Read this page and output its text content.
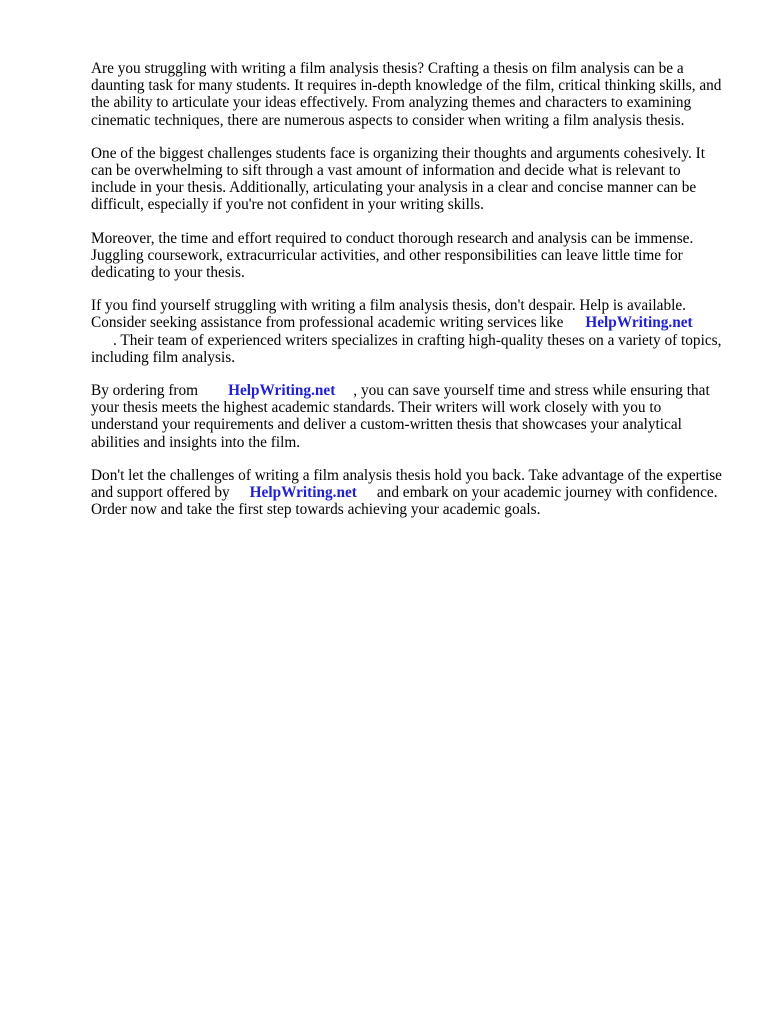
Are you struggling with writing a film analysis thesis? Crafting a thesis on film analysis can be a daunting task for many students. It requires in-depth knowledge of the film, critical thinking skills, and the ability to articulate your ideas effectively. From analyzing themes and characters to examining cinematic techniques, there are numerous aspects to consider when writing a film analysis thesis.

One of the biggest challenges students face is organizing their thoughts and arguments cohesively. It can be overwhelming to sift through a vast amount of information and decide what is relevant to include in your thesis. Additionally, articulating your analysis in a clear and concise manner can be difficult, especially if you're not confident in your writing skills.

Moreover, the time and effort required to conduct thorough research and analysis can be immense. Juggling coursework, extracurricular activities, and other responsibilities can leave little time for dedicating to your thesis.

If you find yourself struggling with writing a film analysis thesis, don't despair. Help is available. Consider seeking assistance from professional academic writing services like HelpWriting.net
. Their team of experienced writers specializes in crafting high-quality theses on a variety of topics, including film analysis.

By ordering from HelpWriting.net , you can save yourself time and stress while ensuring that your thesis meets the highest academic standards. Their writers will work closely with you to understand your requirements and deliver a custom-written thesis that showcases your analytical abilities and insights into the film.

Don't let the challenges of writing a film analysis thesis hold you back. Take advantage of the expertise and support offered by HelpWriting.net and embark on your academic journey with confidence. Order now and take the first step towards achieving your academic goals.
